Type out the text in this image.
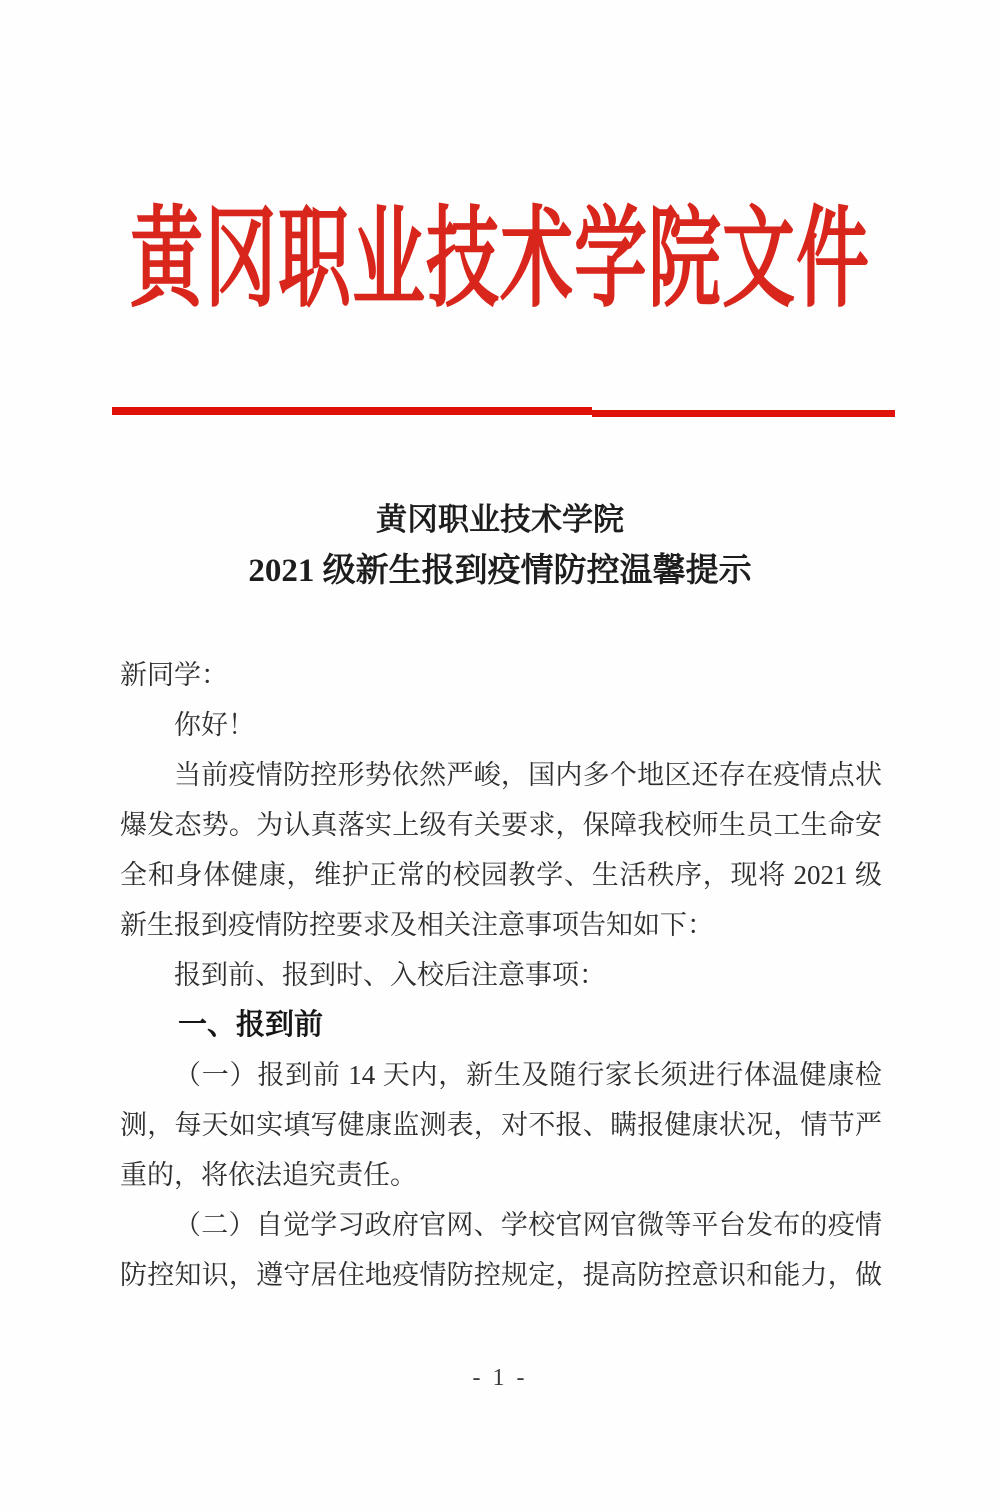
黄冈职业技术学院文件
黄冈职业技术学院
2021 级新生报到疫情防控温馨提示
新同学：
你好！
当前疫情防控形势依然严峻，国内多个地区还存在疫情点状
爆发态势。为认真落实上级有关要求，保障我校师生员工生命安
全和身体健康，维护正常的校园教学、生活秩序，现将 2021 级
新生报到疫情防控要求及相关注意事项告知如下：
报到前、报到时、入校后注意事项：
一、报到前
（一）报到前 14 天内，新生及随行家长须进行体温健康检
测，每天如实填写健康监测表，对不报、瞒报健康状况，情节严
重的，将依法追究责任。
（二）自觉学习政府官网、学校官网官微等平台发布的疫情
防控知识，遵守居住地疫情防控规定，提高防控意识和能力，做
- 1 -
